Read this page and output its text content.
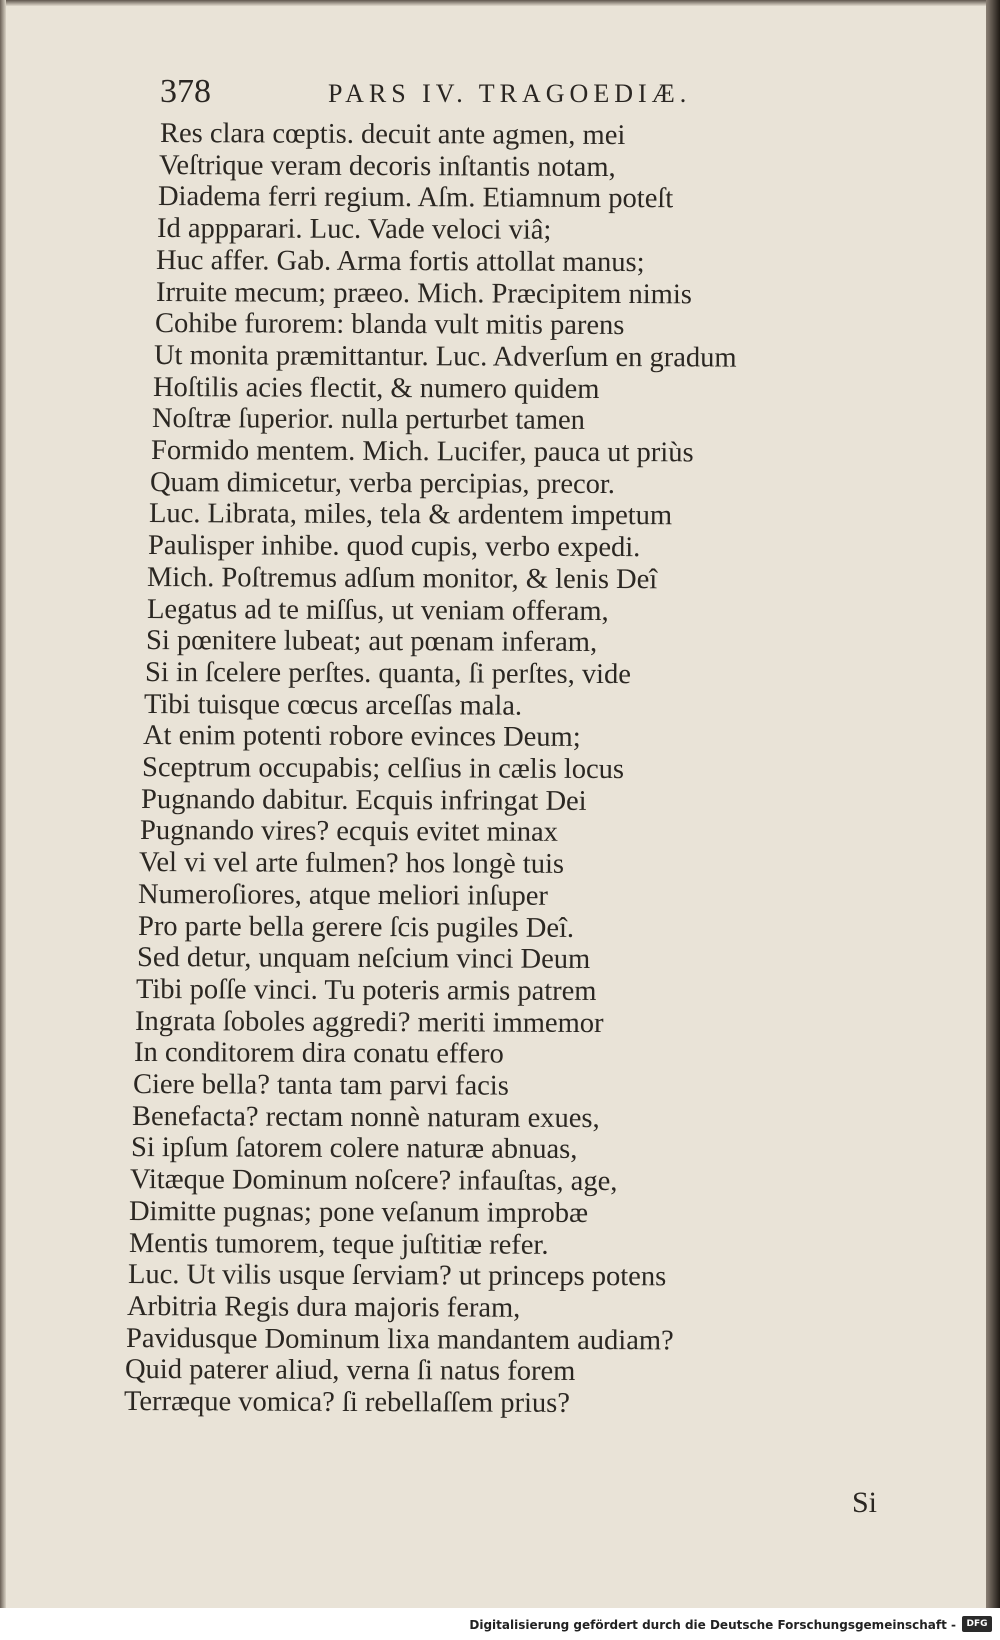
378	PARS IV. TRAGOEDIÆ.
Res clara cœptis. decuit ante agmen, mei
Veſtrique veram decoris inſtantis notam,
Diadema ferri regium. Aſm. Etiamnum poteſt
Id appparari. Luc. Vade veloci viâ;
Huc affer. Gab. Arma fortis attollat manus;
Irruite mecum; præeo. Mich. Præcipitem nimis
Cohibe furorem: blanda vult mitis parens
Ut monita præmittantur. Luc. Adverſum en gradum
Hoſtilis acies flectit, & numero quidem
Noſtræ ſuperior. nulla perturbet tamen
Formido mentem. Mich. Lucifer, pauca ut priùs
Quam dimicetur, verba percipias, precor.
Luc. Librata, miles, tela & ardentem impetum
Paulisper inhibe. quod cupis, verbo expedi.
Mich. Poſtremus adſum monitor, & lenis Deî
Legatus ad te miſſus, ut veniam offeram,
Si pœnitere lubeat; aut pœnam inferam,
Si in ſcelere perſtes. quanta, ſi perſtes, vide
Tibi tuisque cœcus arceſſas mala.
At enim potenti robore evinces Deum;
Sceptrum occupabis; celſius in cælis locus
Pugnando dabitur. Ecquis infringat Dei
Pugnando vires? ecquis evitet minax
Vel vi vel arte fulmen? hos longè tuis
Numeroſiores, atque meliori inſuper
Pro parte bella gerere ſcis pugiles Deî.
Sed detur, unquam neſcium vinci Deum
Tibi poſſe vinci. Tu poteris armis patrem
Ingrata ſoboles aggredi? meriti immemor
In conditorem dira conatu effero
Ciere bella? tanta tam parvi facis
Benefacta? rectam nonnè naturam exues,
Si ipſum ſatorem colere naturæ abnuas,
Vitæque Dominum noſcere? infauſtas, age,
Dimitte pugnas; pone veſanum improbæ
Mentis tumorem, teque juſtitiæ refer.
Luc. Ut vilis usque ſerviam? ut princeps potens
Arbitria Regis dura majoris feram,
Pavidusque Dominum lixa mandantem audiam?
Quid paterer aliud, verna ſi natus forem
Terræque vomica? ſi rebellaſſem prius?
Si
Digitalisierung gefördert durch die Deutsche Forschungsgemeinschaft -	DFG
